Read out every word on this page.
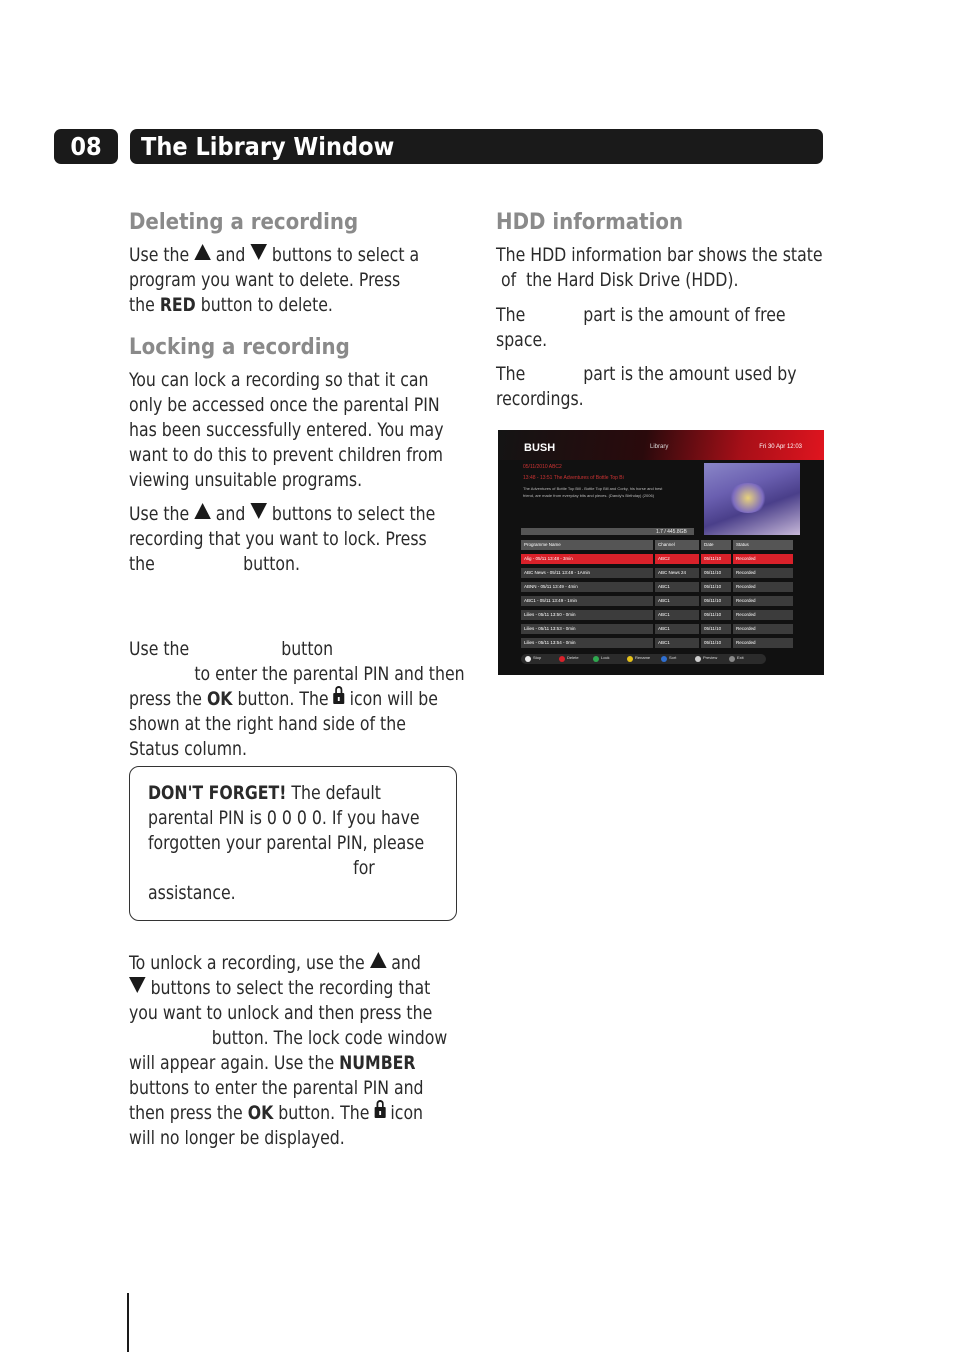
08	The Library Window
Deleting a recording

Use the and buttons to select a

program you want to delete. Press

the RED button to delete.

Locking a recording

You can lock a recording so that it can

only be accessed once the parental PIN

has been successfully entered. You may

want to do this to prevent children from

viewing unsuitable programs.

Use the and buttons to select the

recording that you want to lock. Press

the	button.

Use the	button

to enter the parental PIN and then

press the OK button. The icon will be

shown at the right hand side of the

Status column.

DON'T FORGET! The default

parental PIN is 0 0 0 0. If you have

forgotten your parental PIN, please

for

assistance.

To unlock a recording, use the and

buttons to select the recording that

you want to unlock and then press the

button. The lock code window

will appear again. Use the NUMBER

buttons to enter the parental PIN and

then press the OK button. The icon

will no longer be displayed.

HDD information

The HDD information bar shows the state

of  the Hard Disk Drive (HDD).

The	part is the amount of free

space.

The	part is the amount used by

recordings.

BUSH	Library	Fri 30 Apr 12:03
05/11/2010 ABC2
13:48 - 13:51 The Adventures of Bottle Top Bi
The Adventures of Bottle Top Bill - Bottle Top Bill and Corky, his horse and best
friend, are made from everyday bits and pieces. (Dandy's Birthday) (2006)
1.7 / 445.8GB
Programme Name	Channel	Date	Status
Alig - 05/11 13:48 - 3min	ABC2	05/11/10	Recorded
ABC News - 05/11 13:48 - 1Amin	ABC News 24	05/11/10	Recorded
ABNN - 05/11 13:49 - 4min	ABC1	05/11/10	Recorded
ABC1 - 05/11 13:49 - 1min	ABC1	05/11/10	Recorded
Lilies - 05/11 13:50 - 0min	ABC1	05/11/10	Recorded
Lilies - 05/11 13:53 - 0min	ABC1	05/11/10	Recorded
Lilies - 05/11 13:54 - 0min	ABC1	05/11/10	Recorded
Stop	Delete	Lock	Rename	Sort	Preview	Exit
